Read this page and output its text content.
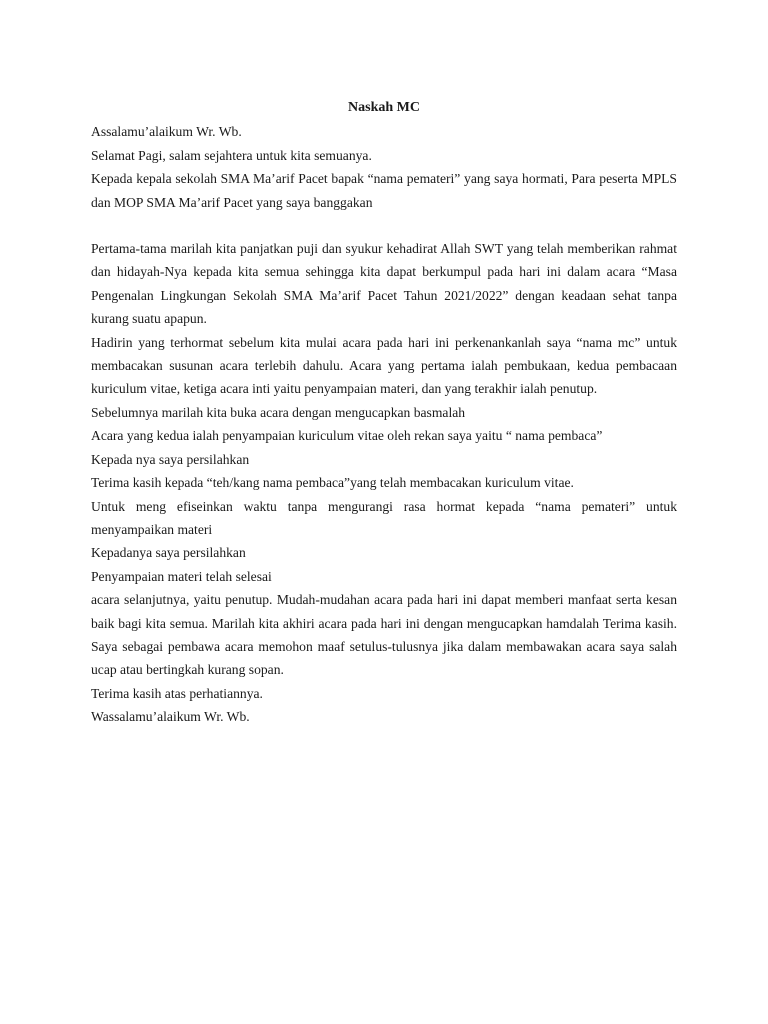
Naskah MC

Assalamu’alaikum Wr. Wb.

Selamat Pagi, salam sejahtera untuk kita semuanya.

Kepada kepala sekolah SMA Ma’arif Pacet bapak “nama pemateri” yang saya hormati, Para peserta MPLS dan MOP SMA Ma’arif Pacet yang saya banggakan

Pertama-tama marilah kita panjatkan puji dan syukur kehadirat Allah SWT yang telah memberikan rahmat dan hidayah-Nya kepada kita semua sehingga kita dapat berkumpul pada hari ini dalam acara “Masa Pengenalan Lingkungan Sekolah SMA Ma’arif Pacet Tahun 2021/2022” dengan keadaan sehat tanpa kurang suatu apapun.

Hadirin yang terhormat sebelum kita mulai acara pada hari ini perkenankanlah saya “nama mc” untuk membacakan susunan acara terlebih dahulu. Acara yang pertama ialah pembukaan, kedua pembacaan kuriculum vitae, ketiga acara inti yaitu penyampaian materi, dan yang terakhir ialah penutup.

Sebelumnya marilah kita buka acara dengan mengucapkan basmalah

Acara yang kedua ialah penyampaian kuriculum vitae oleh rekan saya yaitu “ nama pembaca”

Kepada nya saya persilahkan

Terima kasih kepada “teh/kang nama pembaca”yang telah membacakan kuriculum vitae.

Untuk meng efiseinkan waktu tanpa mengurangi rasa hormat kepada “nama pemateri” untuk menyampaikan materi

Kepadanya saya persilahkan

Penyampaian materi telah selesai

acara selanjutnya, yaitu penutup. Mudah-mudahan acara pada hari ini dapat memberi manfaat serta kesan baik bagi kita semua. Marilah kita akhiri acara pada hari ini dengan mengucapkan hamdalah Terima kasih. Saya sebagai pembawa acara memohon maaf setulus-tulusnya jika dalam membawakan acara saya salah ucap atau bertingkah kurang sopan.

Terima kasih atas perhatiannya.

Wassalamu’alaikum Wr. Wb.
